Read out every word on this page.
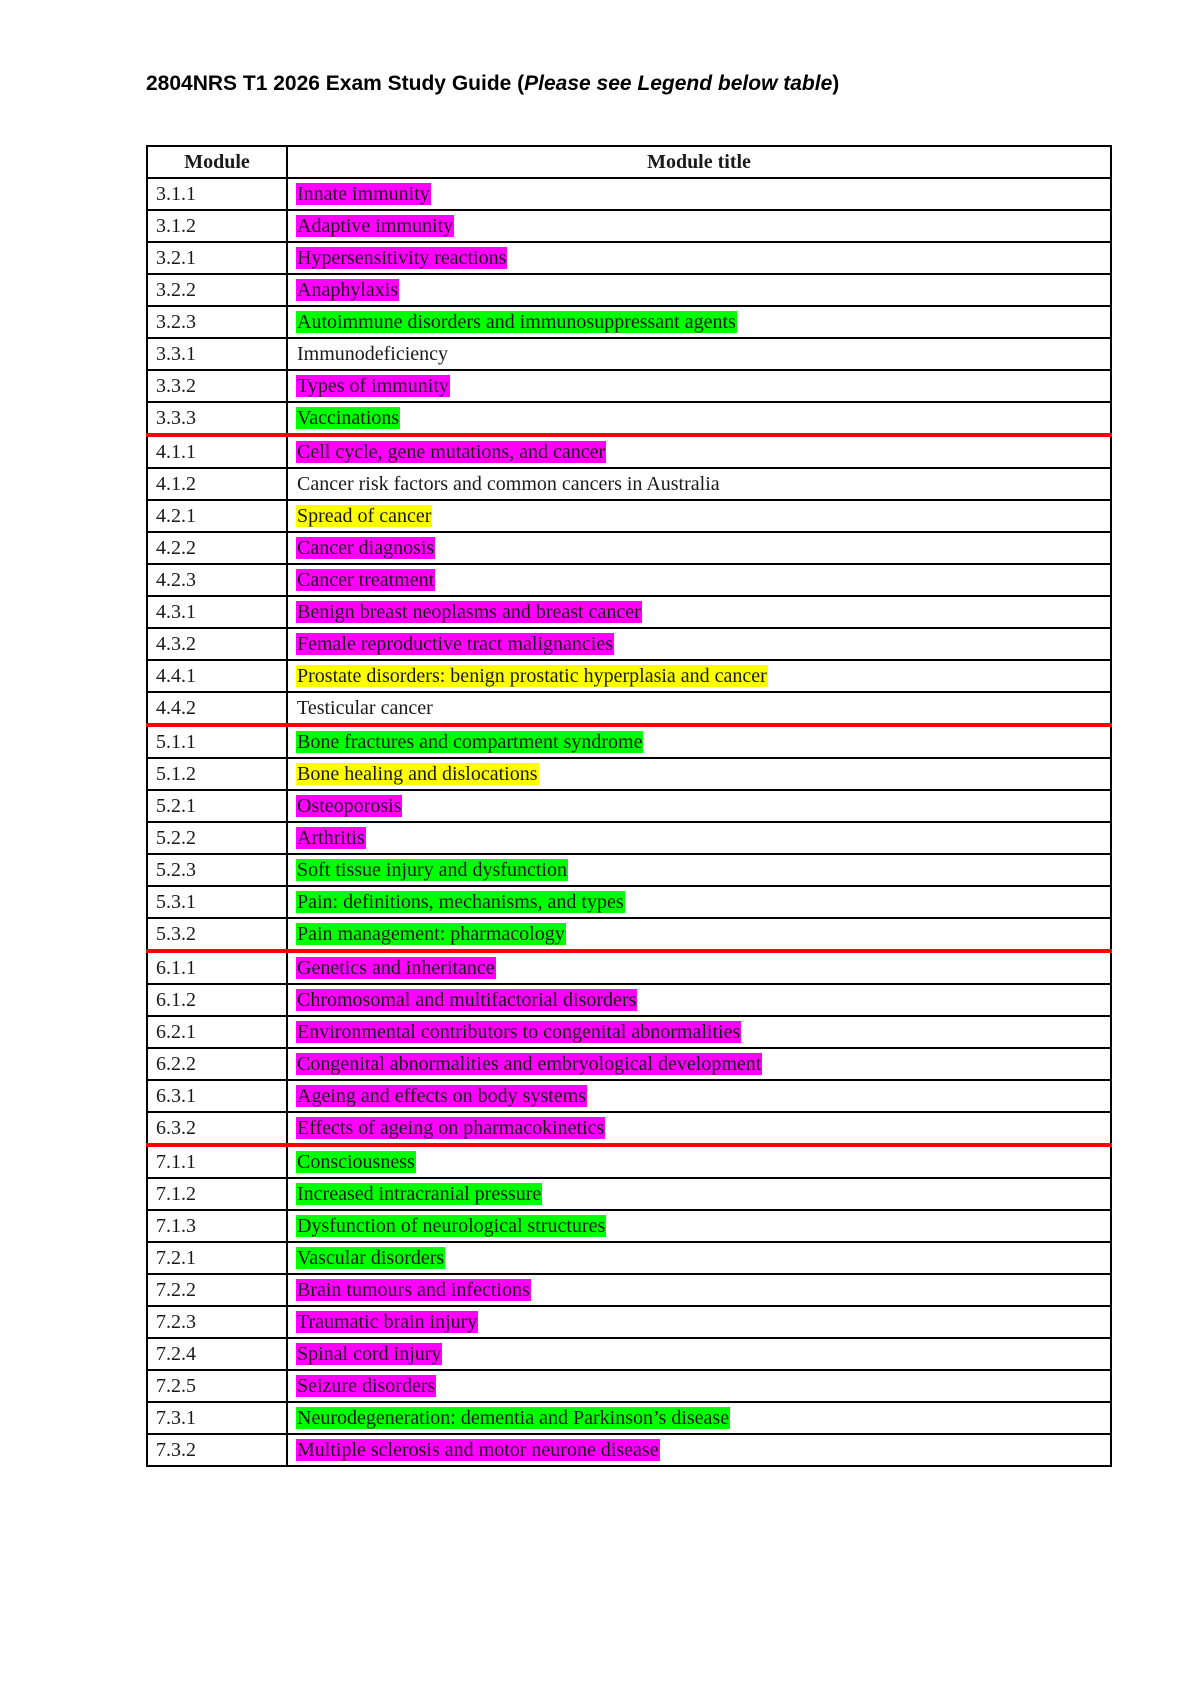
2804NRS T1 2026 Exam Study Guide (Please see Legend below table)
Module	Module title
3.1.1	Innate immunity
3.1.2	Adaptive immunity
3.2.1	Hypersensitivity reactions
3.2.2	Anaphylaxis
3.2.3	Autoimmune disorders and immunosuppressant agents
3.3.1	Immunodeficiency
3.3.2	Types of immunity
3.3.3	Vaccinations
4.1.1	Cell cycle, gene mutations, and cancer
4.1.2	Cancer risk factors and common cancers in Australia
4.2.1	Spread of cancer
4.2.2	Cancer diagnosis
4.2.3	Cancer treatment
4.3.1	Benign breast neoplasms and breast cancer
4.3.2	Female reproductive tract malignancies
4.4.1	Prostate disorders: benign prostatic hyperplasia and cancer
4.4.2	Testicular cancer
5.1.1	Bone fractures and compartment syndrome
5.1.2	Bone healing and dislocations
5.2.1	Osteoporosis
5.2.2	Arthritis
5.2.3	Soft tissue injury and dysfunction
5.3.1	Pain: definitions, mechanisms, and types
5.3.2	Pain management: pharmacology
6.1.1	Genetics and inheritance
6.1.2	Chromosomal and multifactorial disorders
6.2.1	Environmental contributors to congenital abnormalities
6.2.2	Congenital abnormalities and embryological development
6.3.1	Ageing and effects on body systems
6.3.2	Effects of ageing on pharmacokinetics
7.1.1	Consciousness
7.1.2	Increased intracranial pressure
7.1.3	Dysfunction of neurological structures
7.2.1	Vascular disorders
7.2.2	Brain tumours and infections
7.2.3	Traumatic brain injury
7.2.4	Spinal cord injury
7.2.5	Seizure disorders
7.3.1	Neurodegeneration: dementia and Parkinson’s disease
7.3.2	Multiple sclerosis and motor neurone disease
